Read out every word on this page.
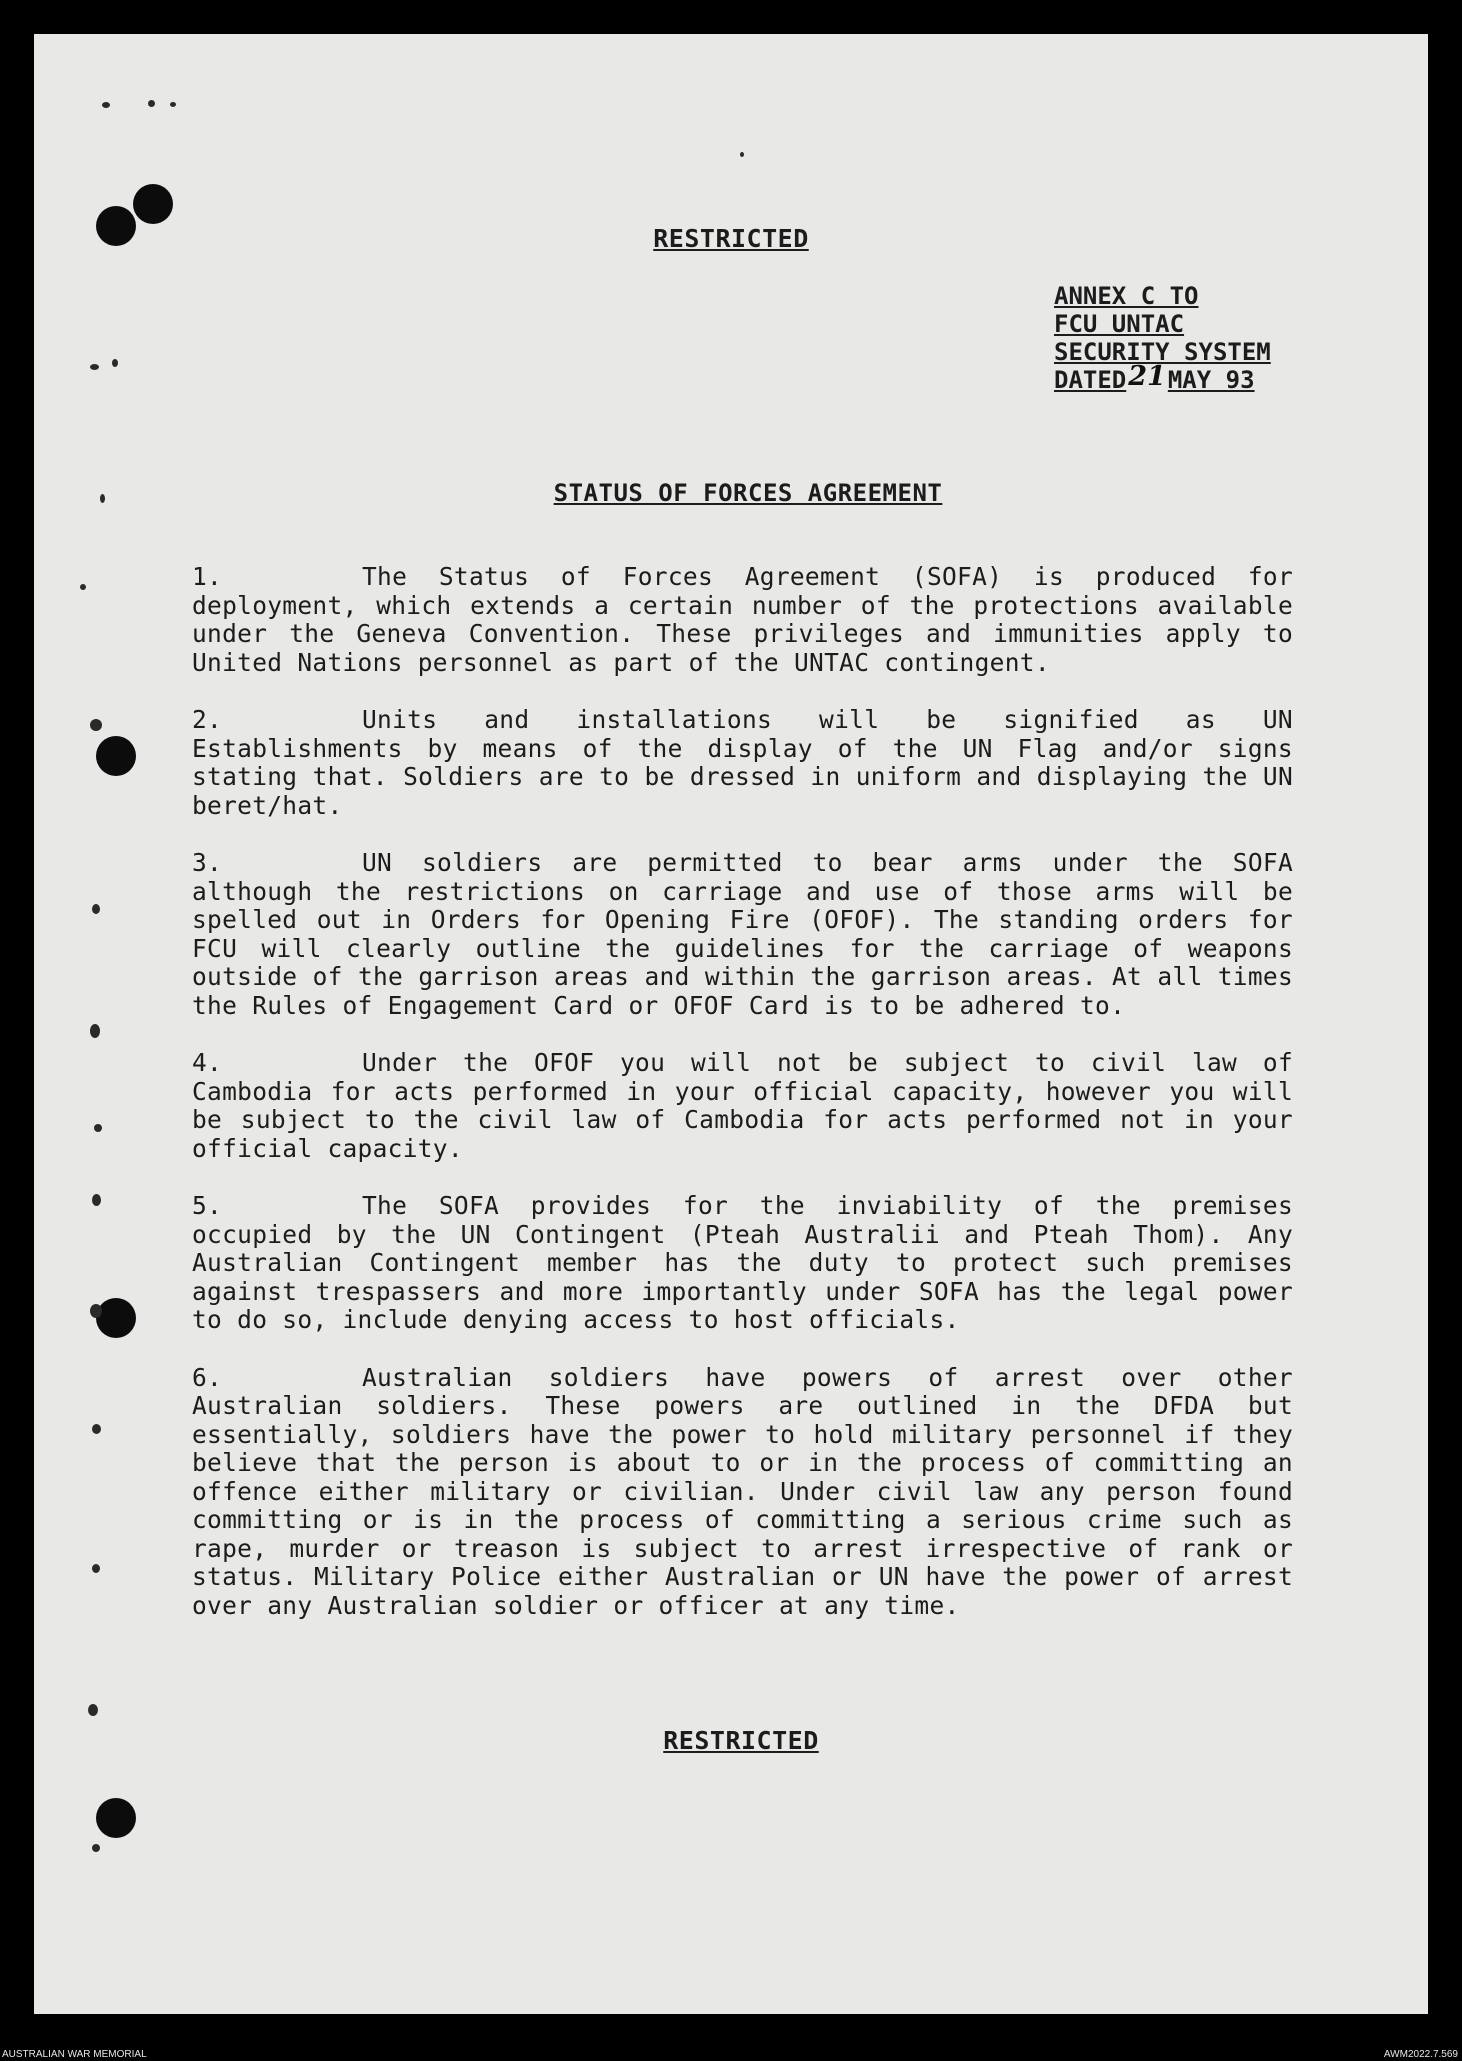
RESTRICTED
ANNEX C TO
FCU UNTAC
SECURITY SYSTEM
DATED21MAY 93
STATUS OF FORCES AGREEMENT
1.	The Status of Forces Agreement (SOFA) is produced for deployment, which extends a certain number of the protections available under the Geneva Convention. These privileges and immunities apply to United Nations personnel as part of the UNTAC contingent.
2.	Units and installations will be signified as UN Establishments by means of the display of the UN Flag and/or signs stating that. Soldiers are to be dressed in uniform and displaying the UN beret/hat.
3.	UN soldiers are permitted to bear arms under the SOFA although the restrictions on carriage and use of those arms will be spelled out in Orders for Opening Fire (OFOF). The standing orders for FCU will clearly outline the guidelines for the carriage of weapons outside of the garrison areas and within the garrison areas. At all times the Rules of Engagement Card or OFOF Card is to be adhered to.
4.	Under the OFOF you will not be subject to civil law of Cambodia for acts performed in your official capacity, however you will be subject to the civil law of Cambodia for acts performed not in your official capacity.
5.	The SOFA provides for the inviability of the premises occupied by the UN Contingent (Pteah Australii and Pteah Thom). Any Australian Contingent member has the duty to protect such premises against trespassers and more importantly under SOFA has the legal power to do so, include denying access to host officials.
6.	Australian soldiers have powers of arrest over other Australian soldiers. These powers are outlined in the DFDA but essentially, soldiers have the power to hold military personnel if they believe that the person is about to or in the process of committing an offence either military or civilian. Under civil law any person found committing or is in the process of committing a serious crime such as rape, murder or treason is subject to arrest irrespective of rank or status. Military Police either Australian or UN have the power of arrest over any Australian soldier or officer at any time.
RESTRICTED
AUSTRALIAN WAR MEMORIAL	AWM2022.7.569
